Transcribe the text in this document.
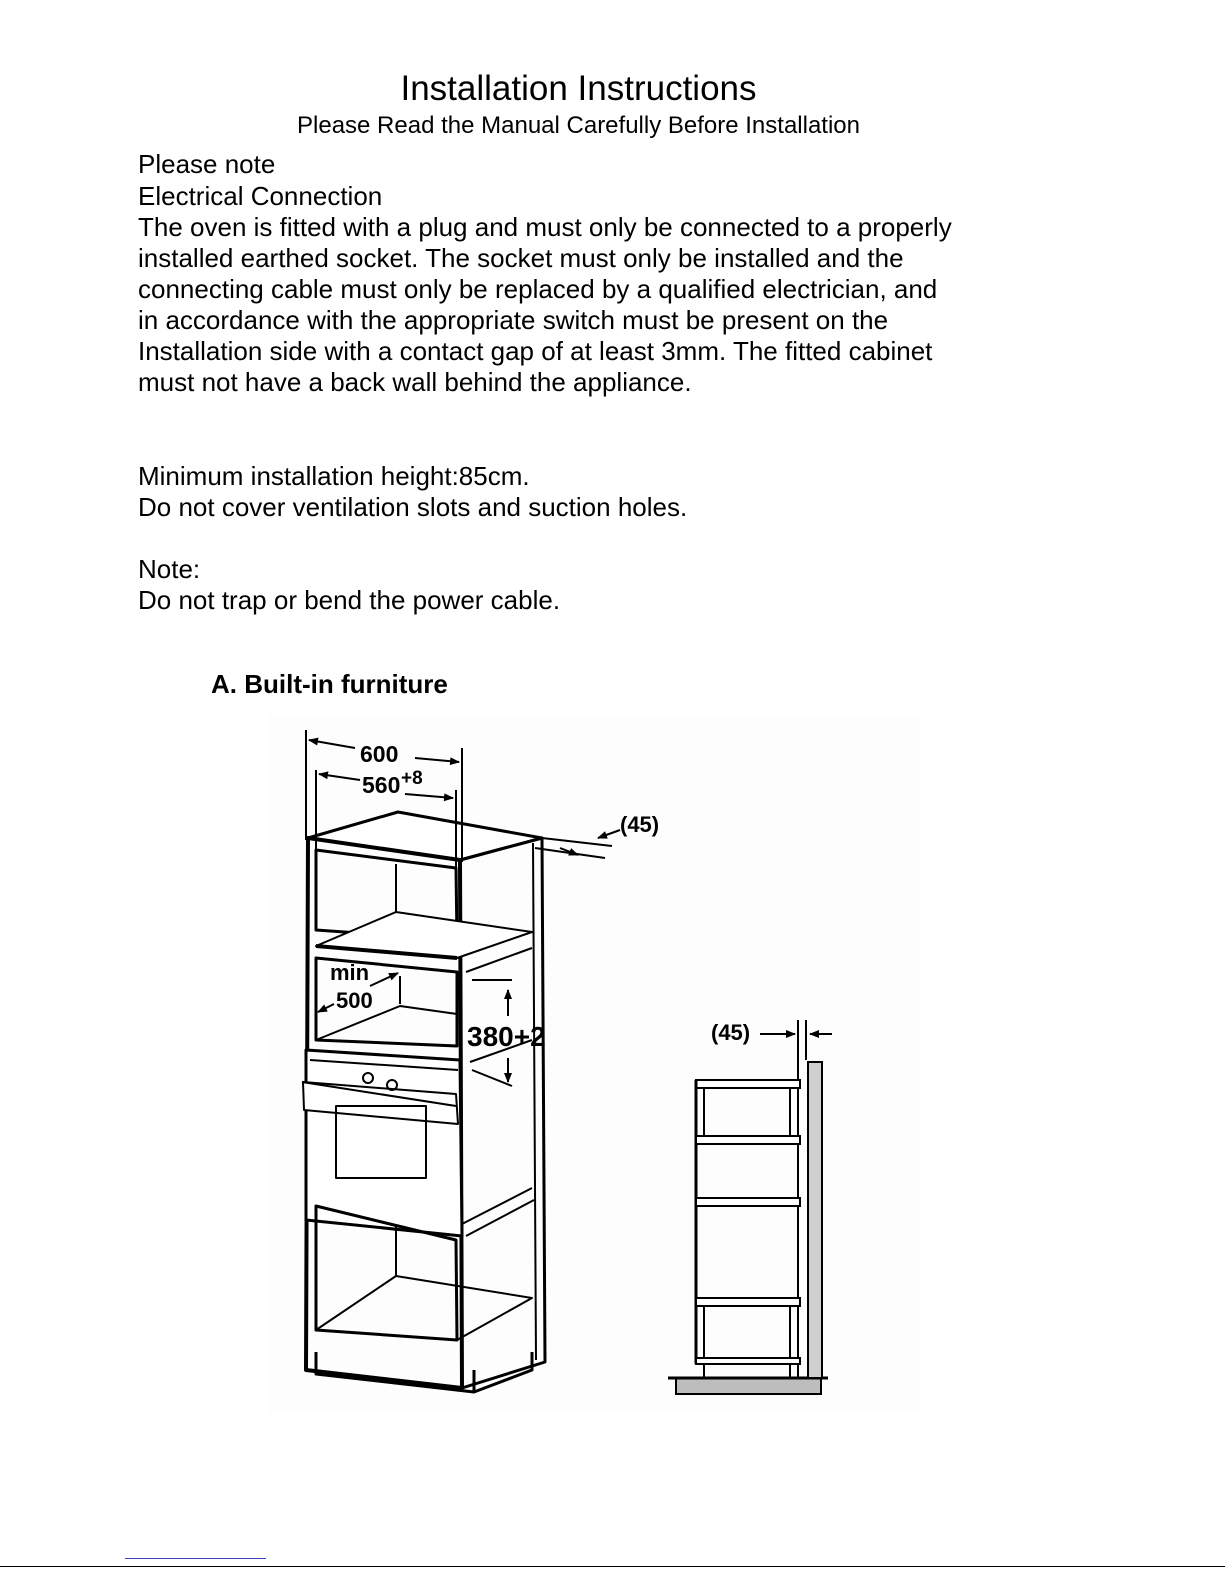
Installation Instructions
Please Read the Manual Carefully Before Installation

Please note

Electrical Connection

The oven is fitted with a plug and must only be connected to a properly

installed earthed socket. The socket must only be installed and the

connecting cable must only be replaced by a qualified electrician, and

in accordance with the appropriate switch must be present on the

Installation side with a contact gap of at least 3mm. The fitted cabinet

must not have a back wall behind the appliance.

Minimum installation height:85cm.

Do not cover ventilation slots and suction holes.

Note:

Do not trap or bend the power cable.

A. Built-in furniture
600
560 +8
(45)
min
500
380+2	(45)
